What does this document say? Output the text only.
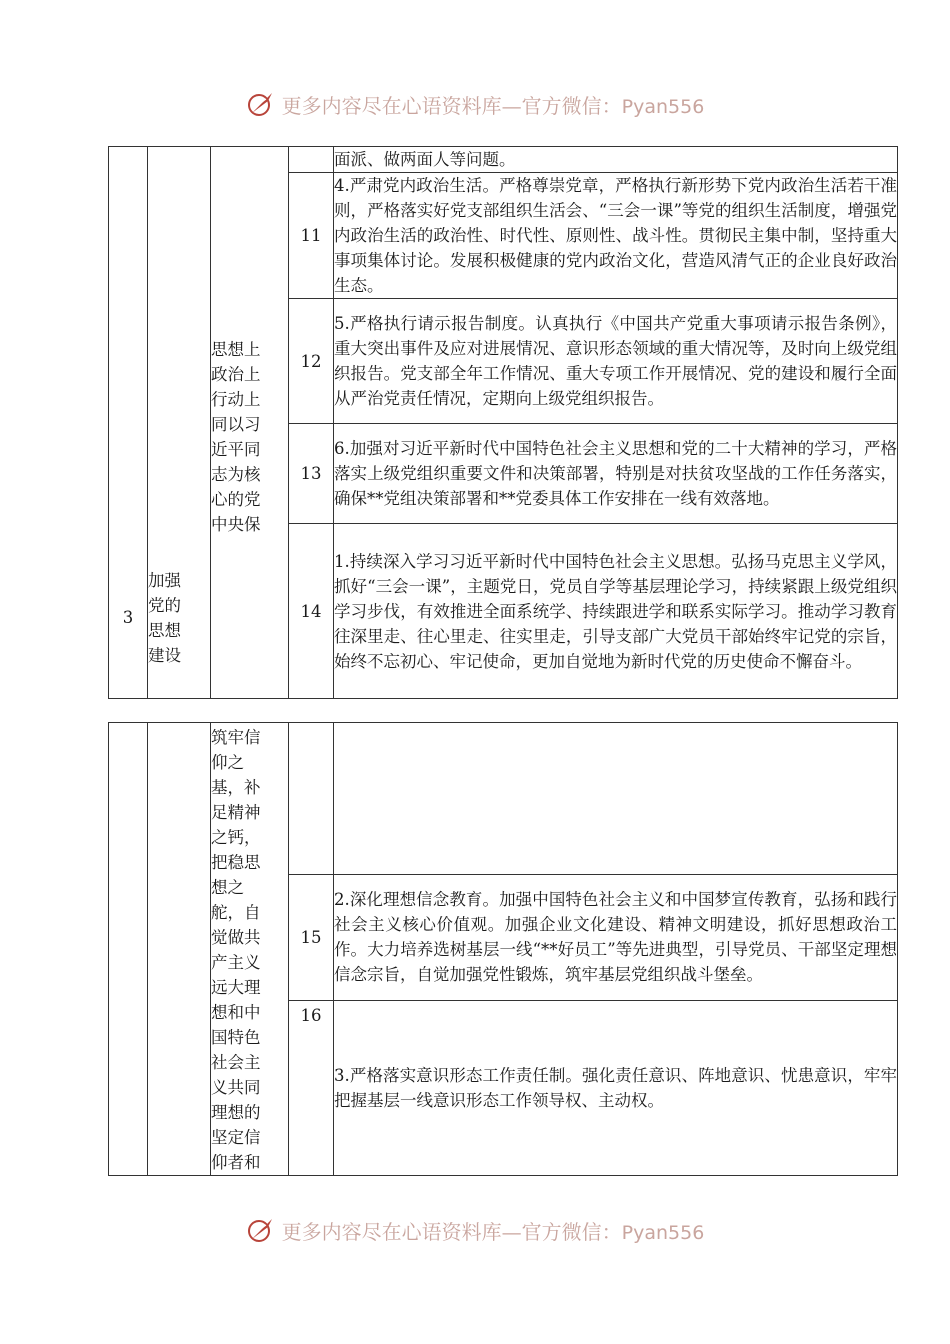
更多内容尽在心语资料库—官方微信：Pyan556
3	加强党的思想建设	思想上政治上行动上同以习近平同志为核心的党中央保		面派、做两面人等问题。
			11	4.严肃党内政治生活。严格尊崇党章，严格执行新形势下党内政治生活若干准则，严格落实好党支部组织生活会、“三会一课”等党的组织生活制度，增强党内政治生活的政治性、时代性、原则性、战斗性。贯彻民主集中制，坚持重大事项集体讨论。发展积极健康的党内政治文化，营造风清气正的企业良好政治生态。
			12	5.严格执行请示报告制度。认真执行《中国共产党重大事项请示报告条例》，重大突出事件及应对进展情况、意识形态领域的重大情况等，及时向上级党组织报告。党支部全年工作情况、重大专项工作开展情况、党的建设和履行全面从严治党责任情况，定期向上级党组织报告。
			13	6.加强对习近平新时代中国特色社会主义思想和党的二十大精神的学习，严格落实上级党组织重要文件和决策部署，特别是对扶贫攻坚战的工作任务落实，确保**党组决策部署和**党委具体工作安排在一线有效落地。
			14	1.持续深入学习习近平新时代中国特色社会主义思想。弘扬马克思主义学风，抓好“三会一课”，主题党日，党员自学等基层理论学习，持续紧跟上级党组织学习步伐，有效推进全面系统学、持续跟进学和联系实际学习。推动学习教育往深里走、往心里走、往实里走，引导支部广大党员干部始终牢记党的宗旨，始终不忘初心、牢记使命，更加自觉地为新时代党的历史使命不懈奋斗。

		筑牢信仰之基，补足精神之钙，把稳思想之舵，自觉做共产主义远大理想和中国特色社会主义共同理想的坚定信仰者和		

			15	2.深化理想信念教育。加强中国特色社会主义和中国梦宣传教育，弘扬和践行社会主义核心价值观。加强企业文化建设、精神文明建设，抓好思想政治工作。大力培养选树基层一线“**好员工”等先进典型，引导党员、干部坚定理想信念宗旨，自觉加强党性锻炼，筑牢基层党组织战斗堡垒。
			16	3.严格落实意识形态工作责任制。强化责任意识、阵地意识、忧患意识，牢牢把握基层一线意识形态工作领导权、主动权。
更多内容尽在心语资料库—官方微信：Pyan556
